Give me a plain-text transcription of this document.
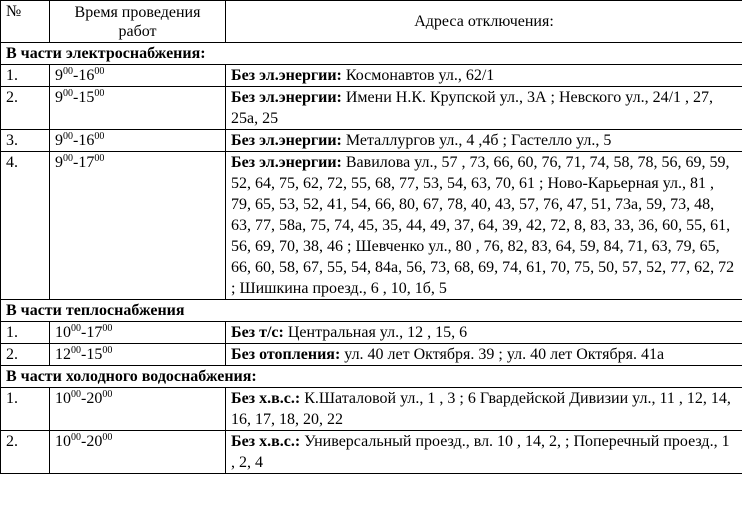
№	Время проведения работ	Адреса отключения:
В части электроснабжения:		
1.	$9^{00}-16^{00}$	Без эл.энергии: Космонавтов ул., 62/1
2.	$9^{00}-15^{00}$	Без эл.энергии: Имени Н.К. Крупской ул., 3А ; Невского ул., 24/1 , 27, 25а, 25
3.	$9^{00}-16^{00}$	Без эл.энергии: Металлургов ул., 4 ,4б ; Гастелло ул., 5
4.	$9^{00}-17^{00}$	Без эл.энергии: Вавилова ул., 57 , 73, 66, 60, 76, 71, 74, 58, 78, 56, 69, 59, 52, 64, 75, 62, 72, 55, 68, 77, 53, 54, 63, 70, 61 ; Ново-Карьерная ул., 81 , 79, 65, 53, 52, 41, 54, 66, 80, 67, 78, 40, 43, 57, 76, 47, 51, 73а, 59, 73, 48, 63, 77, 58а, 75, 74, 45, 35, 44, 49, 37, 64, 39, 42, 72, 8, 83, 33, 36, 60, 55, 61, 56, 69, 70, 38, 46 ; Шевченко ул., 80 , 76, 82, 83, 64, 59, 84, 71, 63, 79, 65, 66, 60, 58, 67, 55, 54, 84а, 56, 73, 68, 69, 74, 61, 70, 75, 50, 57, 52, 77, 62, 72 ; Шишкина проезд., 6 , 10, 1б, 5
В части теплоснабжения		
1.	$10^{00}-17^{00}$	Без т/с: Центральная ул., 12 , 15, 6
2.	$12^{00}-15^{00}$	Без отопления: ул. 40 лет Октября. 39 ; ул. 40 лет Октября. 41а
В части холодного водоснабжения:		
1.	$10^{00}-20^{00}$	Без х.в.с.: К.Шаталовой ул., 1 , 3 ; 6 Гвардейской Дивизии ул., 11 , 12, 14, 16, 17, 18, 20, 22
2.	$10^{00}-20^{00}$	Без х.в.с.: Универсальный проезд., вл. 10 , 14, 2, ; Поперечный проезд., 1 , 2, 4
